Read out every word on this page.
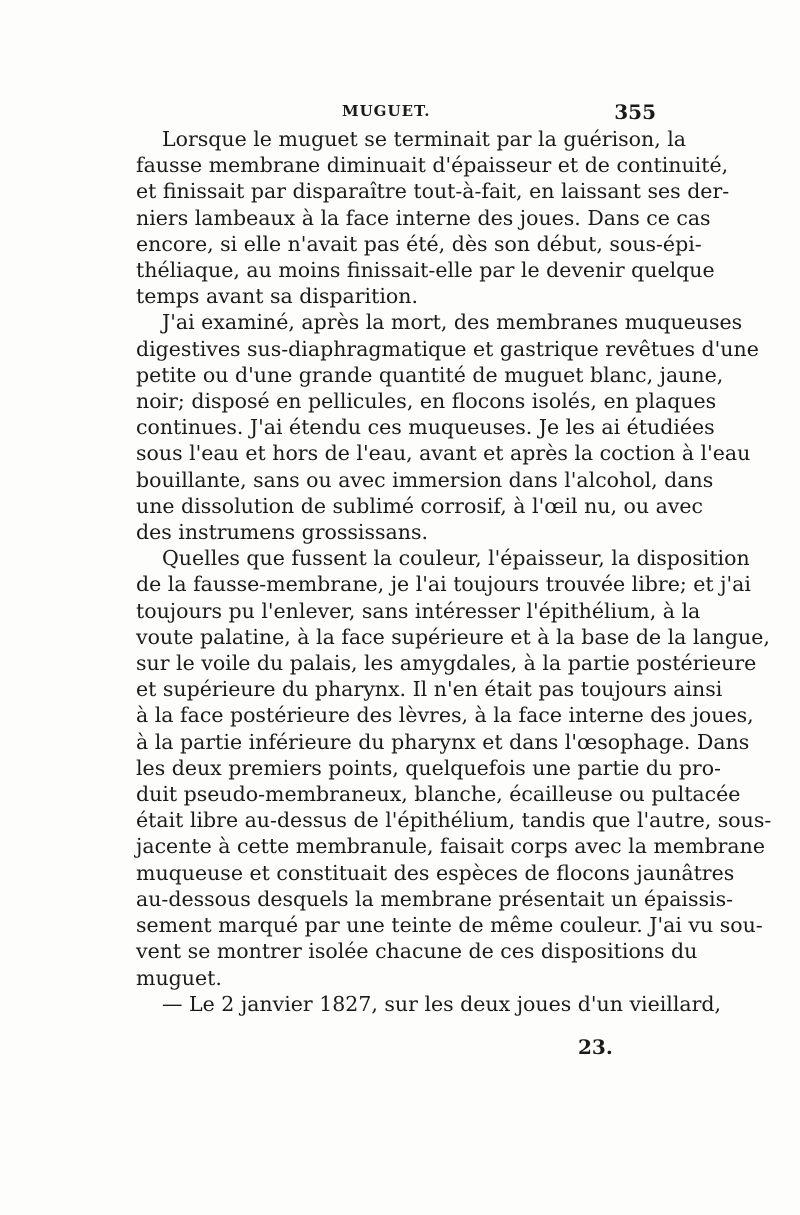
MUGUET.	355
Lorsque le muguet se terminait par la guérison, la
fausse membrane diminuait d'épaisseur et de continuité,
et finissait par disparaître tout-à-fait, en laissant ses der-
niers lambeaux à la face interne des joues. Dans ce cas
encore, si elle n'avait pas été, dès son début, sous-épi-
théliaque, au moins finissait-elle par le devenir quelque
temps avant sa disparition.
J'ai examiné, après la mort, des membranes muqueuses
digestives sus-diaphragmatique et gastrique revêtues d'une
petite ou d'une grande quantité de muguet blanc, jaune,
noir; disposé en pellicules, en flocons isolés, en plaques
continues. J'ai étendu ces muqueuses. Je les ai étudiées
sous l'eau et hors de l'eau, avant et après la coction à l'eau
bouillante, sans ou avec immersion dans l'alcohol, dans
une dissolution de sublimé corrosif, à l'œil nu, ou avec
des instrumens grossissans.
Quelles que fussent la couleur, l'épaisseur, la disposition
de la fausse-membrane, je l'ai toujours trouvée libre; et j'ai
toujours pu l'enlever, sans intéresser l'épithélium, à la
voute palatine, à la face supérieure et à la base de la langue,
sur le voile du palais, les amygdales, à la partie postérieure
et supérieure du pharynx. Il n'en était pas toujours ainsi
à la face postérieure des lèvres, à la face interne des joues,
à la partie inférieure du pharynx et dans l'œsophage. Dans
les deux premiers points, quelquefois une partie du pro-
duit pseudo-membraneux, blanche, écailleuse ou pultacée
était libre au-dessus de l'épithélium, tandis que l'autre, sous-
jacente à cette membranule, faisait corps avec la membrane
muqueuse et constituait des espèces de flocons jaunâtres
au-dessous desquels la membrane présentait un épaissis-
sement marqué par une teinte de même couleur. J'ai vu sou-
vent se montrer isolée chacune de ces dispositions du
muguet.
— Le 2 janvier 1827, sur les deux joues d'un vieillard,
23.
